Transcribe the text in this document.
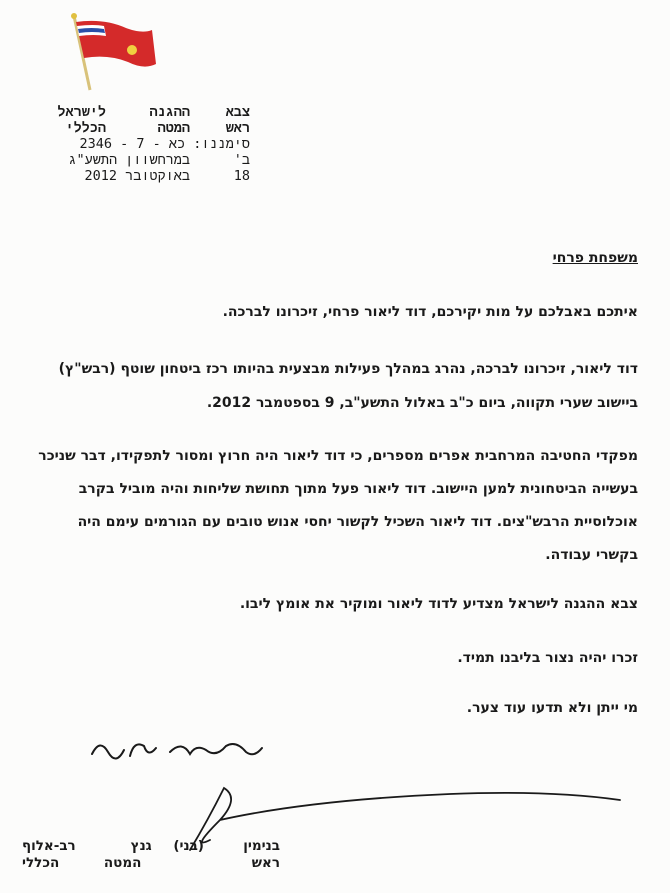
צבא
ההגנה
לישראל
ראש
המטה
הכללי
סימננו: כא - 7 - 2346
ב'
במרחשוון התשע"ג
18
באוקטובר 2012
משפחת פרחי
איתכם באבלכם על מות יקירכם, דוד ליאור פרחי, זיכרונו לברכה.
דוד ליאור, זיכרונו לברכה, נהרג במהלך פעילות מבצעית בהיותו רכז ביטחון שוטף (רבש"ץ)
ביישוב שערי תקווה, ביום כ"ב באלול התשע"ב, 9 בספטמבר 2012.
מפקדי החטיבה המרחבית אפרים מספרים, כי דוד ליאור היה חרוץ ומסור לתפקידו, דבר שניכר
בעשייה הביטחונית למען היישוב. דוד ליאור פעל מתוך תחושת שליחות והיה מוביל בקרב
אוכלוסיית הרבש"צים. דוד ליאור השכיל לקשור יחסי אנוש טובים עם הגורמים עימם היה
בקשרי עבודה.
צבא ההגנה לישראל מצדיע לדוד ליאור ומוקיר את אומץ ליבו.
זכרו יהיה נצור בליבנו תמיד.
מי ייתן ולא תדעו עוד צער.
בנימין
(בני)
גנץ
רב-אלוף
ראש
המטה
הכללי
